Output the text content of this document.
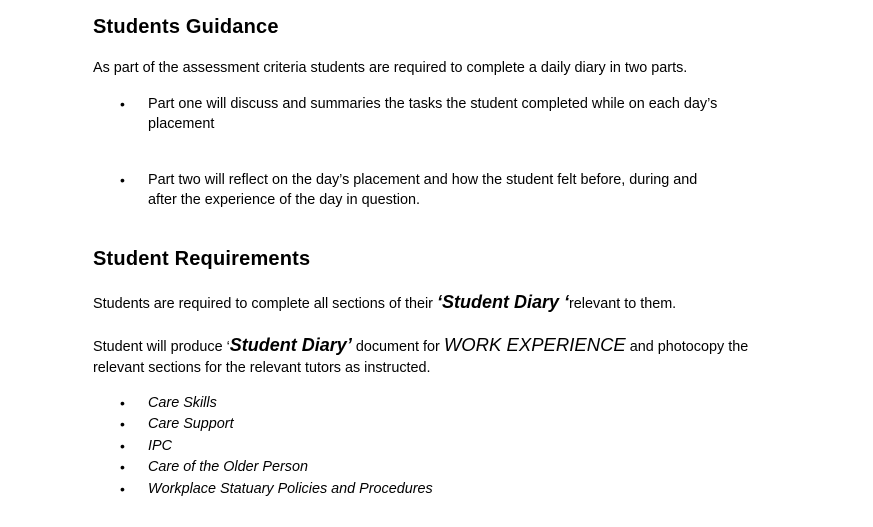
Students Guidance
As part of the assessment criteria students are required to complete a daily diary in two parts.
• Part one will discuss and summaries the tasks the student completed while on each day’s
placement
• Part two will reflect on the day’s placement and how the student felt before, during and
after the experience of the day in question.
Student Requirements
Students are required to complete all sections of their ‘Student Diary ‘relevant to them.
Student will produce ‘Student Diary’ document for WORK EXPERIENCE and photocopy the
relevant sections for the relevant tutors as instructed.
• Care Skills
• Care Support
• IPC
• Care of the Older Person
• Workplace Statuary Policies and Procedures
